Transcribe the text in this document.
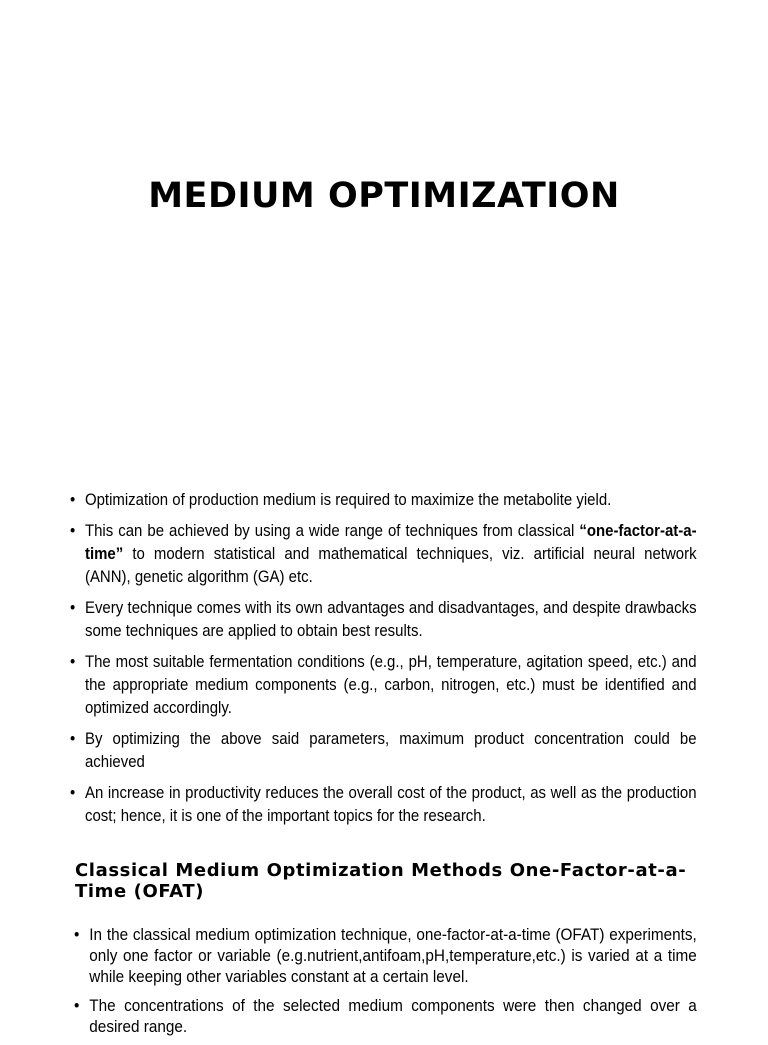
MEDIUM OPTIMIZATION
• Optimization of production medium is required to maximize the metabolite yield.
• This can be achieved by using a wide range of techniques from classical “one-factor-at-a-time” to modern statistical and mathematical techniques, viz. artificial neural network (ANN), genetic algorithm (GA) etc.
• Every technique comes with its own advantages and disadvantages, and despite drawbacks some techniques are applied to obtain best results.
• The most suitable fermentation conditions (e.g., pH, temperature, agitation speed, etc.) and the appropriate medium components (e.g., carbon, nitrogen, etc.) must be identified and optimized accordingly.
• By optimizing the above said parameters, maximum product concentration could be achieved
• An increase in productivity reduces the overall cost of the product, as well as the production cost; hence, it is one of the important topics for the research.
Classical Medium Optimization Methods One-Factor-at-a-Time (OFAT)
• In the classical medium optimization technique, one-factor-at-a-time (OFAT) experiments, only one factor or variable (e.g.nutrient,antifoam,pH,temperature,etc.) is varied at a time while keeping other variables constant at a certain level.
• The concentrations of the selected medium components were then changed over a desired range.
